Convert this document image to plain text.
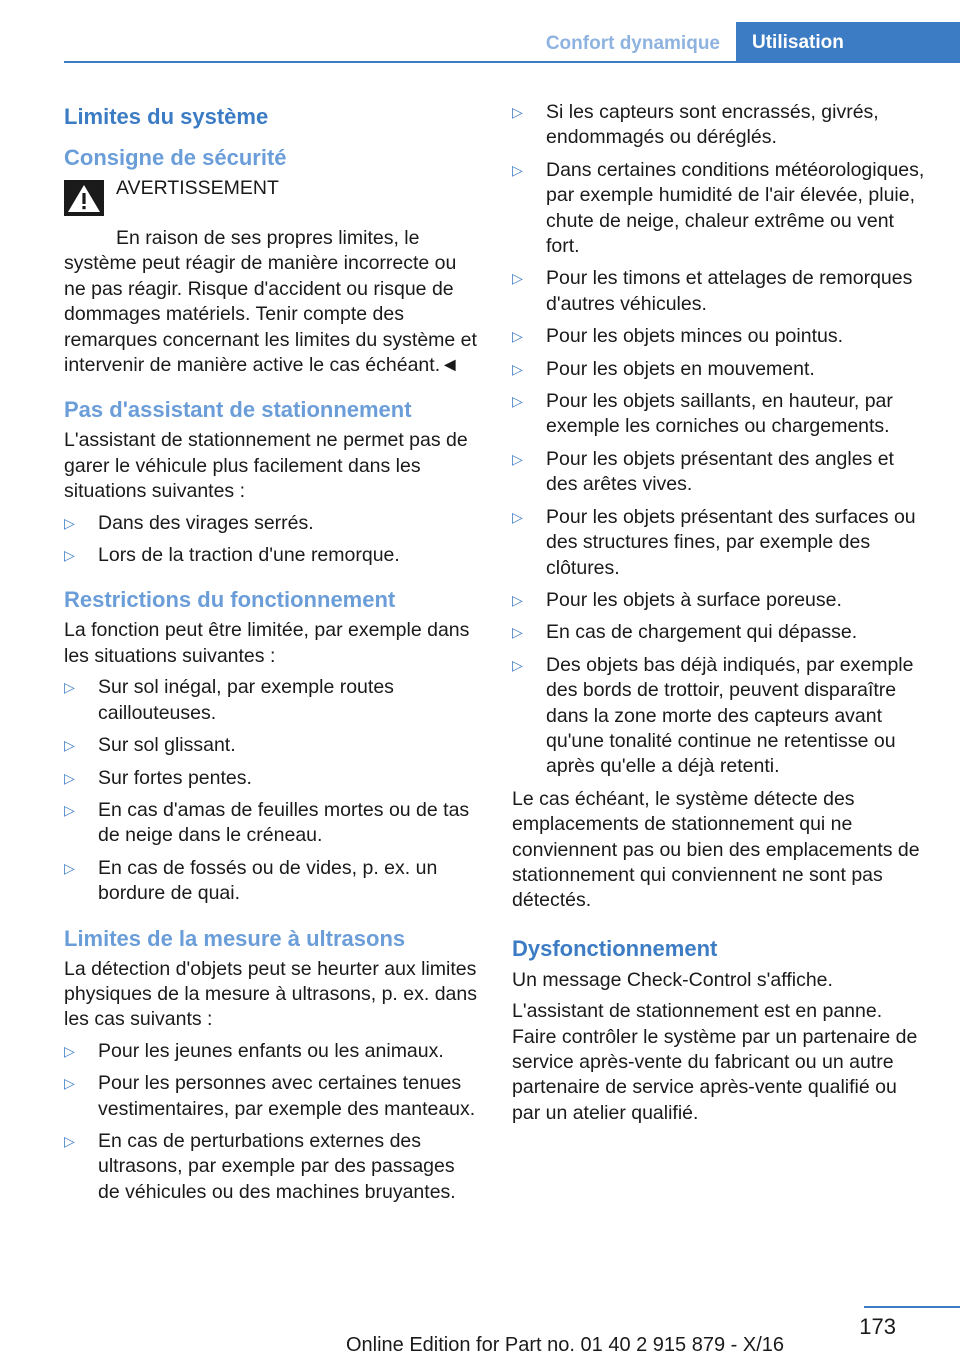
Confort dynamique	Utilisation
Limites du système
Consigne de sécurité
AVERTISSEMENT

En raison de ses propres limites, le système peut réagir de manière incorrecte ou ne pas réagir. Risque d'accident ou risque de dommages matériels. Tenir compte des remarques concernant les limites du système et intervenir de manière active le cas échéant.◄

Pas d'assistant de stationnement

L'assistant de stationnement ne permet pas de garer le véhicule plus facilement dans les situations suivantes :

▷ Dans des virages serrés.
▷ Lors de la traction d'une remorque.
Restrictions du fonctionnement

La fonction peut être limitée, par exemple dans les situations suivantes :

▷ Sur sol inégal, par exemple routes caillouteuses.
▷ Sur sol glissant.
▷ Sur fortes pentes.
▷ En cas d'amas de feuilles mortes ou de tas de neige dans le créneau.
▷ En cas de fossés ou de vides, p. ex. un bordure de quai.
Limites de la mesure à ultrasons

La détection d'objets peut se heurter aux limites physiques de la mesure à ultrasons, p. ex. dans les cas suivants :

▷ Pour les jeunes enfants ou les animaux.
▷ Pour les personnes avec certaines tenues vestimentaires, par exemple des manteaux.
▷ En cas de perturbations externes des ultrasons, par exemple par des passages de véhicules ou des machines bruyantes.
▷ Si les capteurs sont encrassés, givrés, endommagés ou déréglés.
▷ Dans certaines conditions météorologiques, par exemple humidité de l'air élevée, pluie, chute de neige, chaleur extrême ou vent fort.
▷ Pour les timons et attelages de remorques d'autres véhicules.
▷ Pour les objets minces ou pointus.
▷ Pour les objets en mouvement.
▷ Pour les objets saillants, en hauteur, par exemple les corniches ou chargements.
▷ Pour les objets présentant des angles et des arêtes vives.
▷ Pour les objets présentant des surfaces ou des structures fines, par exemple des clôtures.
▷ Pour les objets à surface poreuse.
▷ En cas de chargement qui dépasse.
▷ Des objets bas déjà indiqués, par exemple des bords de trottoir, peuvent disparaître dans la zone morte des capteurs avant qu'une tonalité continue ne retentisse ou après qu'elle a déjà retenti.

Le cas échéant, le système détecte des emplacements de stationnement qui ne conviennent pas ou bien des emplacements de stationnement qui conviennent ne sont pas détectés.

Dysfonctionnement

Un message Check-Control s'affiche.

L'assistant de stationnement est en panne. Faire contrôler le système par un partenaire de service après-vente du fabricant ou un autre partenaire de service après-vente qualifié ou par un atelier qualifié.

173
Online Edition for Part no. 01 40 2 915 879 - X/16
